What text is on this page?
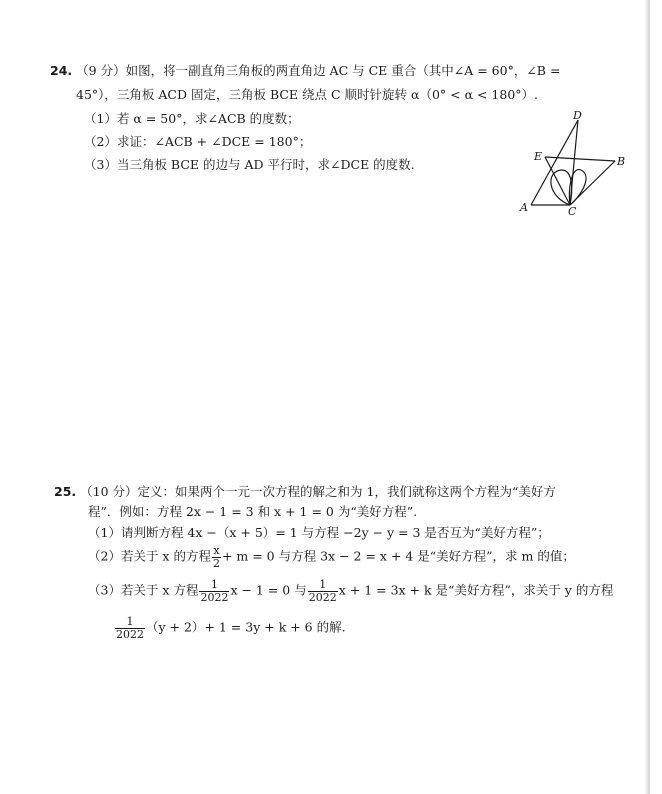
24. （9 分）如图，将一副直角三角板的两直角边 AC 与 CE 重合（其中∠A = 60°，∠B =
45°），三角板 ACD 固定，三角板 BCE 绕点 C 顺时针旋转 α（0° < α < 180°）.
（1）若 α = 50°，求∠ACB 的度数；
（2）求证：∠ACB + ∠DCE = 180°；
（3）当三角板 BCE 的边与 AD 平行时，求∠DCE 的度数.
D
E	B
A	C
25. （10 分）定义：如果两个一元一次方程的解之和为 1，我们就称这两个方程为“美好方
程”．例如：方程 2x − 1 = 3 和 x + 1 = 0 为“美好方程”.
（1）请判断方程 4x −（x + 5）= 1 与方程 −2y − y = 3 是否互为“美好方程”；
（2）若关于 x 的方程 $\frac{x}{2} + m = 0$ 与方程 3x − 2 = x + 4 是“美好方程”，求 m 的值；
（3）若关于 x 方程 $\frac{1}{2022}$ x − 1 = 0 与 $\frac{1}{2022}$ x + 1 = 3x + k 是“美好方程”，求关于 y 的方程
$\frac{1}{2022} (y + 2)+ 1 = 3y + k + 6$ 的解.
